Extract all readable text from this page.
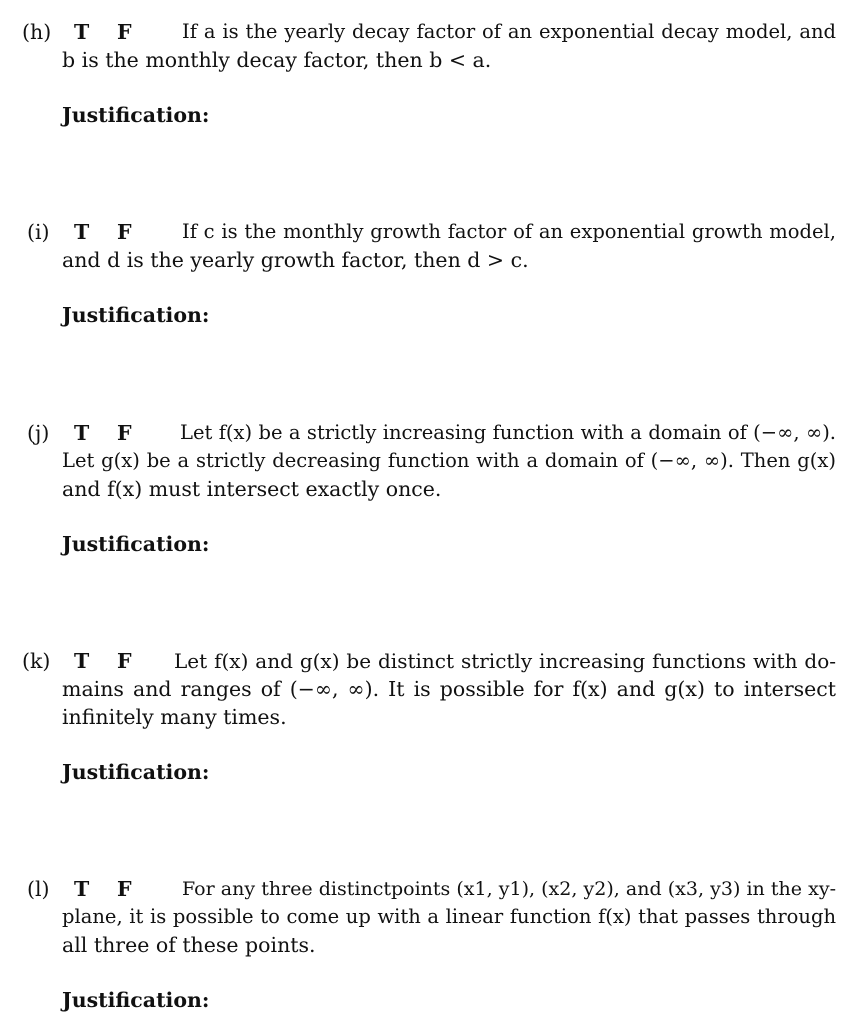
(h) T F	If a is the yearly decay factor of an exponential decay model, and
b is the monthly decay factor, then b < a.
Justification:
(i) T F	If c is the monthly growth factor of an exponential growth model,
and d is the yearly growth factor, then d > c.
Justification:
(j) T F Let f(x) be a strictly increasing function with a domain of (−∞, ∞).
Let g(x) be a strictly decreasing function with a domain of (−∞, ∞). Then g(x)
and f(x) must intersect exactly once.
Justification:
(k) T F Let f(x) and g(x) be distinct strictly increasing functions with do-
mains and ranges of (−∞, ∞). It is possible for f(x) and g(x) to intersect
infinitely many times.
Justification:
(l) T F	For any three distinctpoints (x1, y1), (x2, y2), and (x3, y3) in the xy-
plane, it is possible to come up with a linear function f(x) that passes through
all three of these points.
Justification:
